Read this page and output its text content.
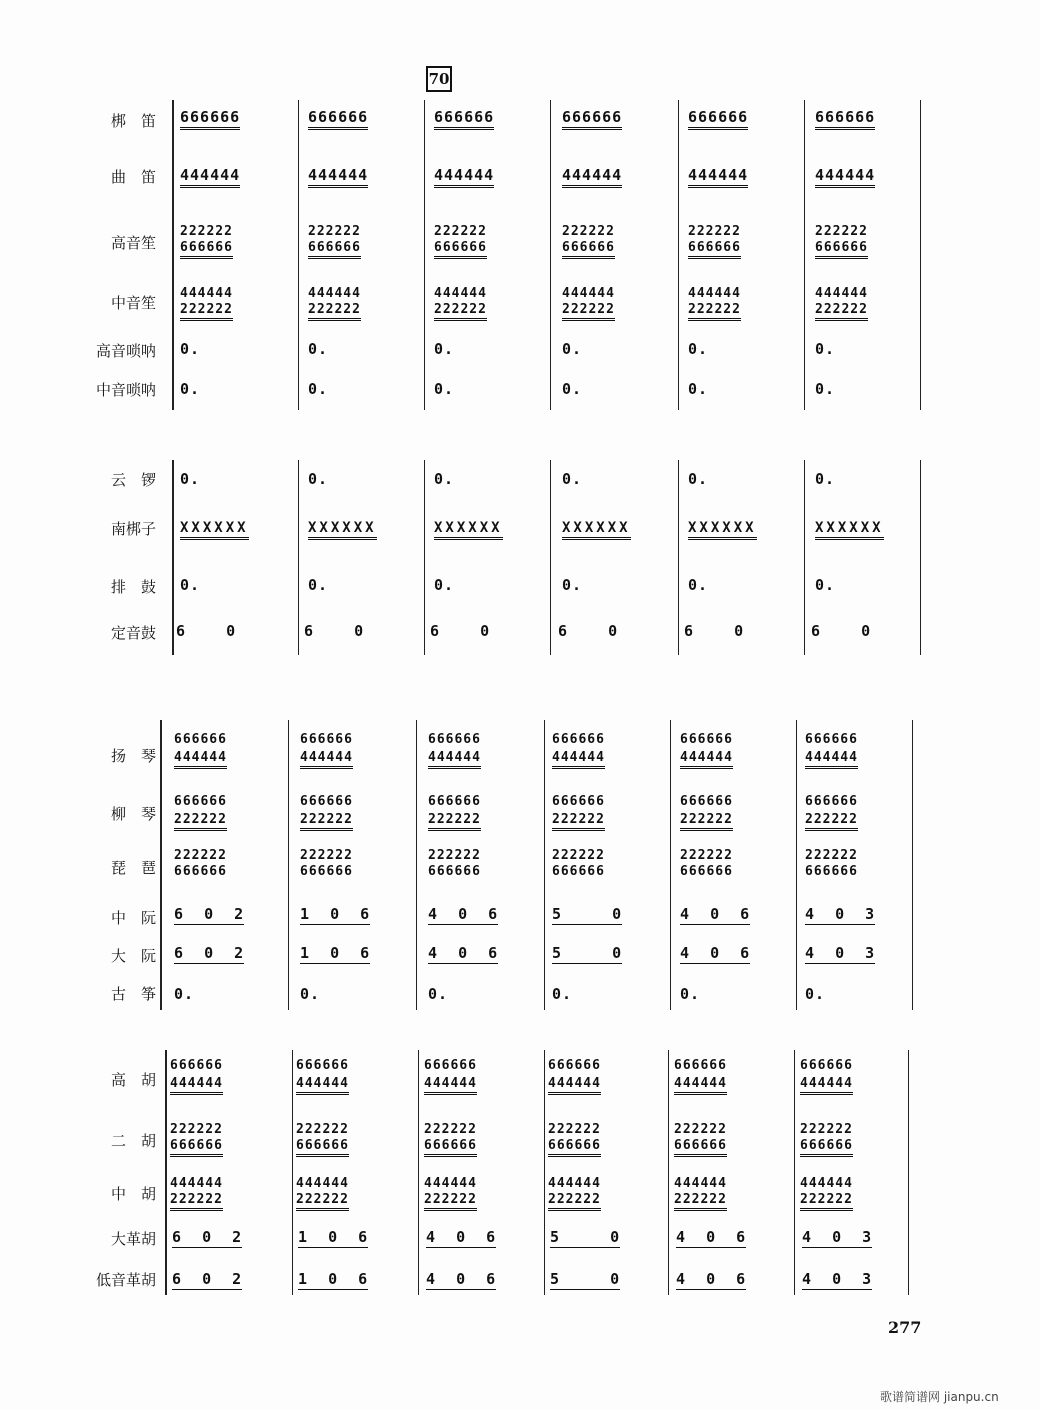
70
梆　笛
曲　笛
高音笙
中音笙
高音唢呐
中音唢呐
云　锣
南梆子
排　鼓
定音鼓
扬　琴
柳　琴
琵　琶
中　阮
大　阮
古　筝
高　胡
二　胡
中　胡
大革胡
低音革胡
666666
444444
222222
666666
444444
222222
0.
0.
666666
444444
222222
666666
444444
222222
0.
0.
666666
444444
222222
666666
444444
222222
0.
0.
666666
444444
222222
666666
444444
222222
0.
0.
666666
444444
222222
666666
444444
222222
0.
0.
666666
444444
222222
666666
444444
222222
0.
0.
0.
XXXXXX
0.
6    0
0.
XXXXXX
0.
6    0
0.
XXXXXX
0.
6    0
0.
XXXXXX
0.
6    0
0.
XXXXXX
0.
6    0
0.
XXXXXX
0.
6    0
666666
444444
666666
222222
222222
666666
666666
444444
666666
222222
222222
666666
666666
444444
666666
222222
222222
666666
666666
444444
666666
222222
222222
666666
666666
444444
666666
222222
222222
666666
666666
444444
666666
222222
222222
666666
6  0  2
6  0  2
0.
1  0  6
1  0  6
0.
4  0  6
4  0  6
0.
5     0
5     0
0.
4  0  6
4  0  6
0.
4  0  3
4  0  3
0.
666666
444444
222222
666666
444444
222222
6  0  2
6  0  2
666666
444444
222222
666666
444444
222222
1  0  6
1  0  6
666666
444444
222222
666666
444444
222222
4  0  6
4  0  6
666666
444444
222222
666666
444444
222222
5     0
5     0
666666
444444
222222
666666
444444
222222
4  0  6
4  0  6
666666
444444
222222
666666
444444
222222
4  0  3
4  0  3
277
歌谱简谱网 jianpu.cn
